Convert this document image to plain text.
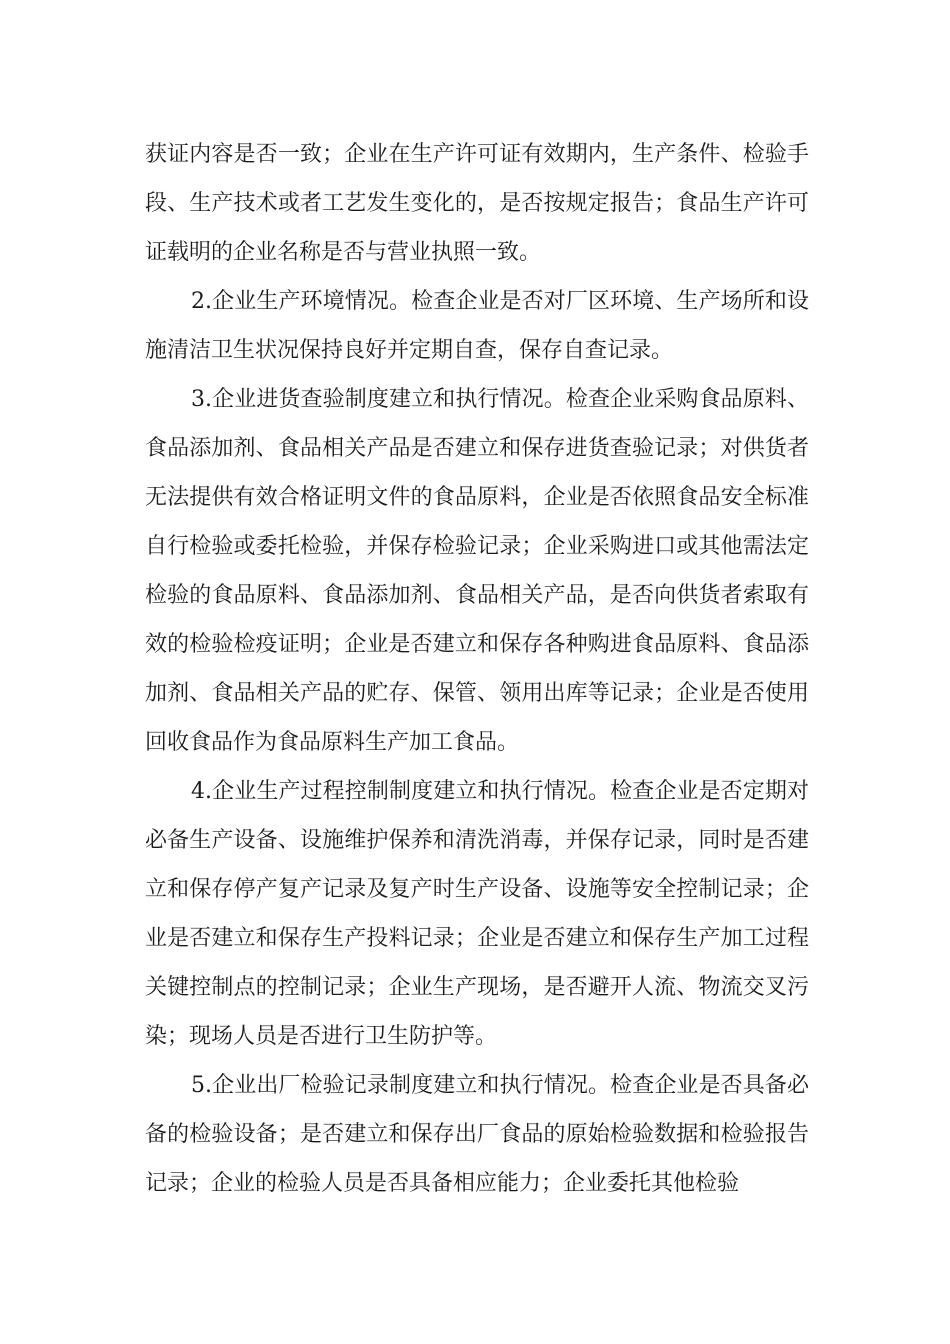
获证内容是否一致；企业在生产许可证有效期内，生产条件、检验手段、生产技术或者工艺发生变化的，是否按规定报告；食品生产许可证载明的企业名称是否与营业执照一致。

2.企业生产环境情况。检查企业是否对厂区环境、生产场所和设施清洁卫生状况保持良好并定期自查，保存自查记录。

3.企业进货查验制度建立和执行情况。检查企业采购食品原料、食品添加剂、食品相关产品是否建立和保存进货查验记录；对供货者无法提供有效合格证明文件的食品原料，企业是否依照食品安全标准自行检验或委托检验，并保存检验记录；企业采购进口或其他需法定检验的食品原料、食品添加剂、食品相关产品，是否向供货者索取有效的检验检疫证明；企业是否建立和保存各种购进食品原料、食品添加剂、食品相关产品的贮存、保管、领用出库等记录；企业是否使用回收食品作为食品原料生产加工食品。

4.企业生产过程控制制度建立和执行情况。检查企业是否定期对必备生产设备、设施维护保养和清洗消毒，并保存记录，同时是否建立和保存停产复产记录及复产时生产设备、设施等安全控制记录；企业是否建立和保存生产投料记录；企业是否建立和保存生产加工过程关键控制点的控制记录；企业生产现场，是否避开人流、物流交叉污染；现场人员是否进行卫生防护等。

5.企业出厂检验记录制度建立和执行情况。检查企业是否具备必备的检验设备；是否建立和保存出厂食品的原始检验数据和检验报告记录；企业的检验人员是否具备相应能力；企业委托其他检验
